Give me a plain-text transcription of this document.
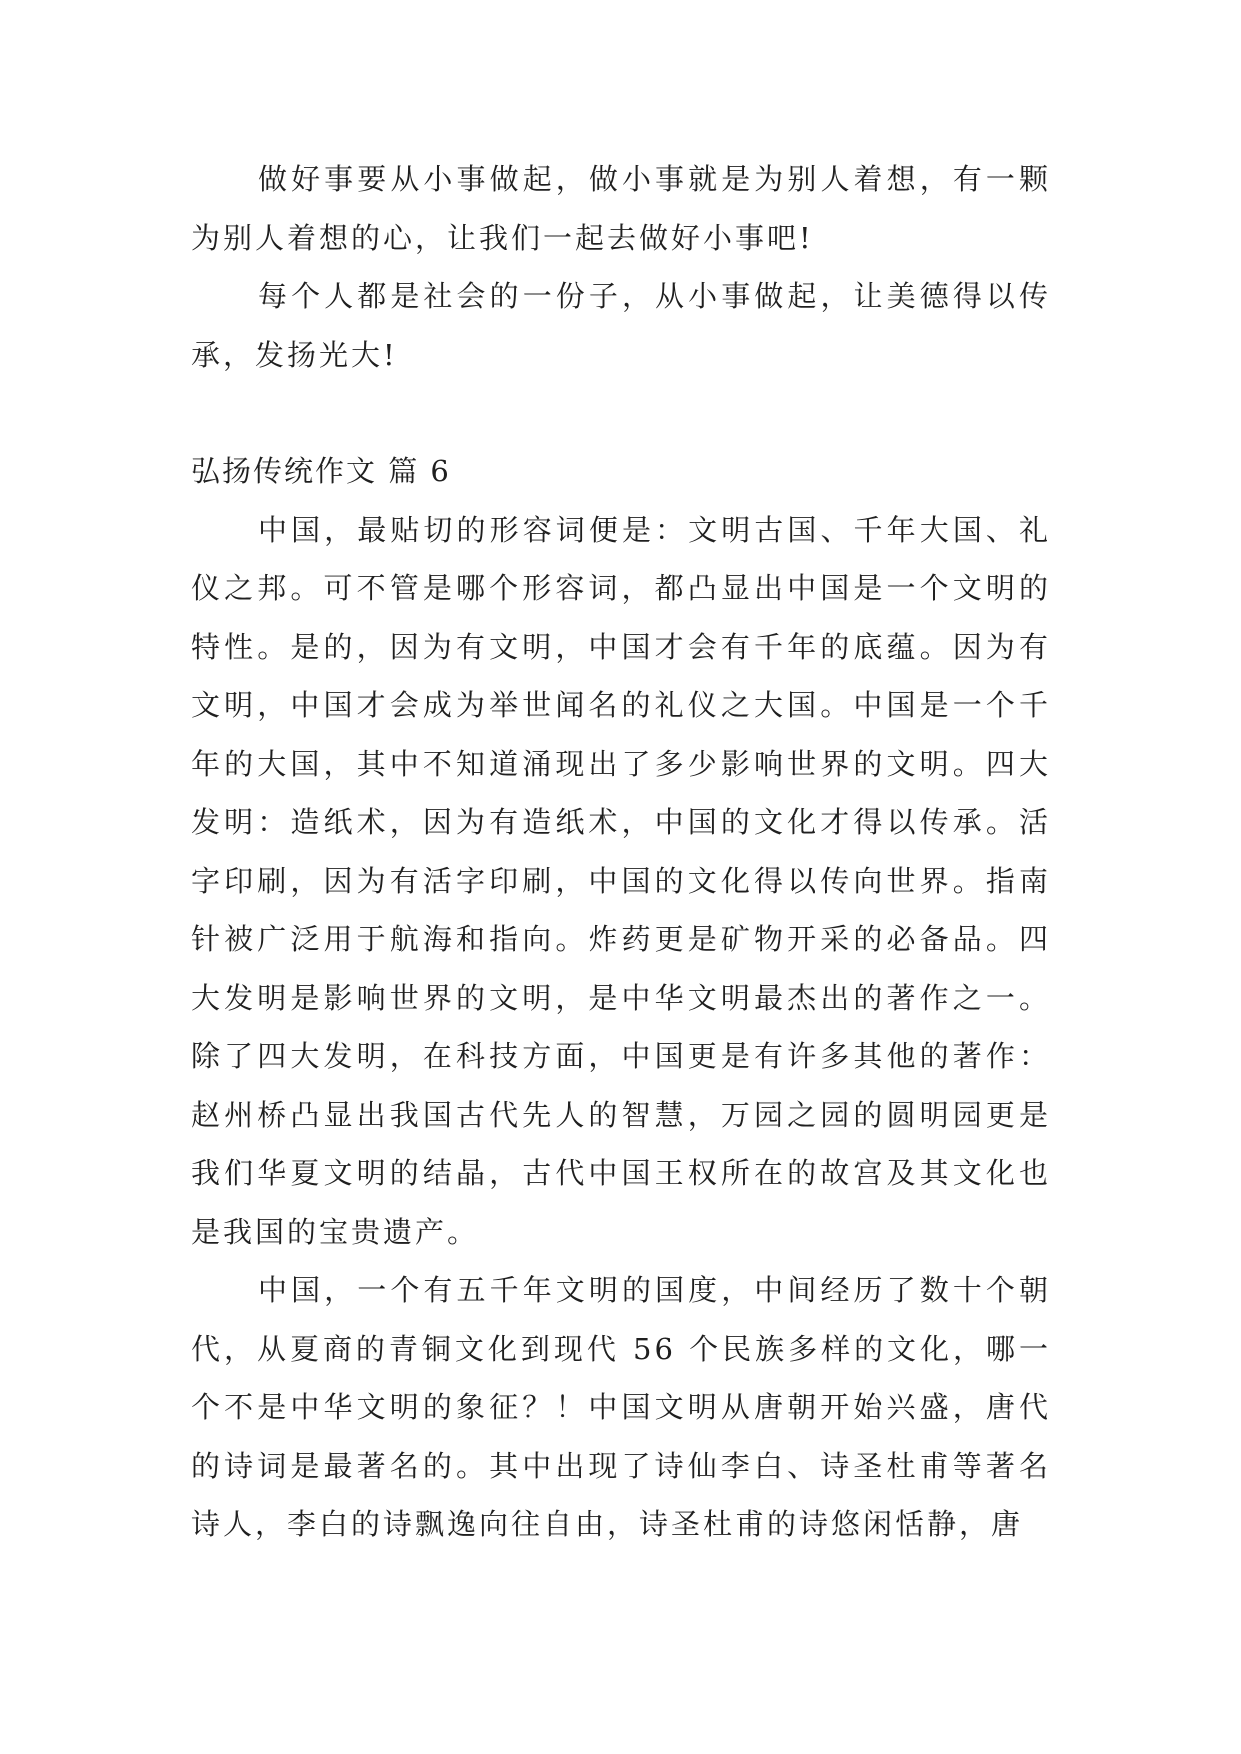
做好事要从小事做起，做小事就是为别人着想，有一颗为别人着想的心，让我们一起去做好小事吧!

每个人都是社会的一份子，从小事做起，让美德得以传承，发扬光大!

弘扬传统作文 篇 6

中国，最贴切的形容词便是：文明古国、千年大国、礼仪之邦。可不管是哪个形容词，都凸显出中国是一个文明的特性。是的，因为有文明，中国才会有千年的底蕴。因为有文明，中国才会成为举世闻名的礼仪之大国。中国是一个千年的大国，其中不知道涌现出了多少影响世界的文明。四大发明：造纸术，因为有造纸术，中国的文化才得以传承。活字印刷，因为有活字印刷，中国的文化得以传向世界。指南针被广泛用于航海和指向。炸药更是矿物开采的必备品。四大发明是影响世界的文明，是中华文明最杰出的著作之一。除了四大发明，在科技方面，中国更是有许多其他的著作：赵州桥凸显出我国古代先人的智慧，万园之园的圆明园更是我们华夏文明的结晶，古代中国王权所在的故宫及其文化也是我国的宝贵遗产。

中国，一个有五千年文明的国度，中间经历了数十个朝代，从夏商的青铜文化到现代 56 个民族多样的文化，哪一个不是中华文明的象征？！中国文明从唐朝开始兴盛，唐代的诗词是最著名的。其中出现了诗仙李白、诗圣杜甫等著名诗人，李白的诗飘逸向往自由，诗圣杜甫的诗悠闲恬静，唐
